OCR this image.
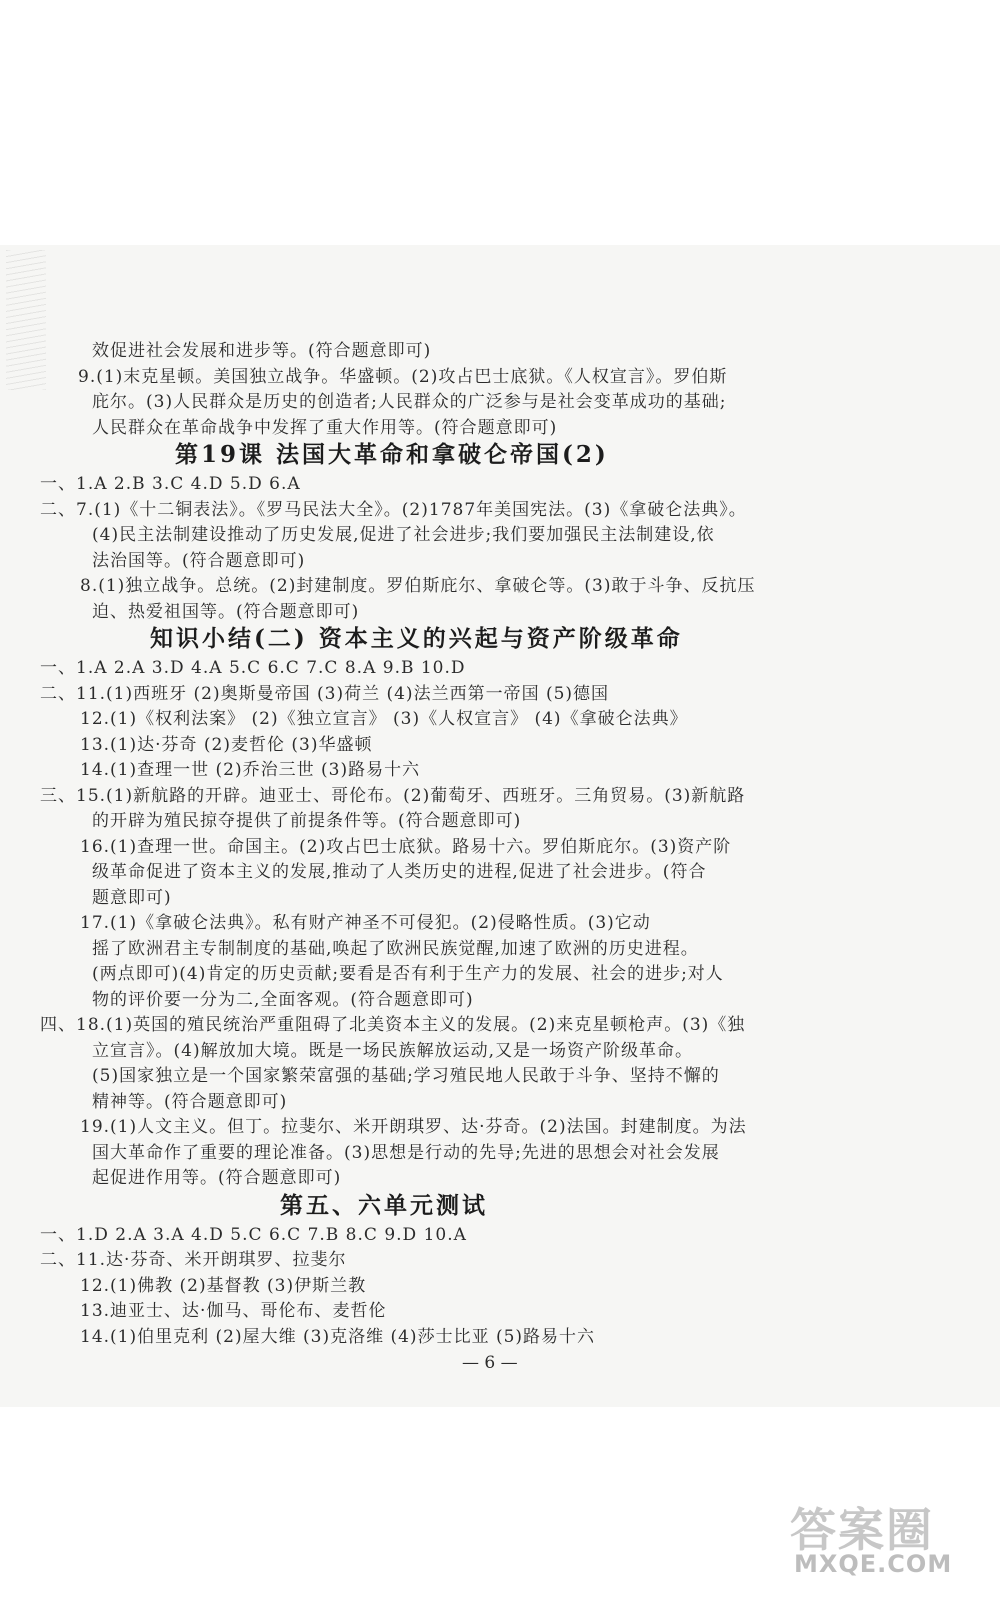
效促进社会发展和进步等。(符合题意即可)
9.(1)末克星顿。美国独立战争。华盛顿。(2)攻占巴士底狱。《人权宣言》。罗伯斯
庇尔。(3)人民群众是历史的创造者;人民群众的广泛参与是社会变革成功的基础;
人民群众在革命战争中发挥了重大作用等。(符合题意即可)
第19课 法国大革命和拿破仑帝国(2)
一、1.A 2.B 3.C 4.D 5.D 6.A
二、7.(1)《十二铜表法》。《罗马民法大全》。(2)1787年美国宪法。(3)《拿破仑法典》。
(4)民主法制建设推动了历史发展,促进了社会进步;我们要加强民主法制建设,依
法治国等。(符合题意即可)
8.(1)独立战争。总统。(2)封建制度。罗伯斯庇尔、拿破仑等。(3)敢于斗争、反抗压
迫、热爱祖国等。(符合题意即可)
知识小结(二) 资本主义的兴起与资产阶级革命
一、1.A 2.A 3.D 4.A 5.C 6.C 7.C 8.A 9.B 10.D
二、11.(1)西班牙 (2)奥斯曼帝国 (3)荷兰 (4)法兰西第一帝国 (5)德国
12.(1)《权利法案》 (2)《独立宣言》 (3)《人权宣言》 (4)《拿破仑法典》
13.(1)达·芬奇 (2)麦哲伦 (3)华盛顿
14.(1)查理一世 (2)乔治三世 (3)路易十六
三、15.(1)新航路的开辟。迪亚士、哥伦布。(2)葡萄牙、西班牙。三角贸易。(3)新航路
的开辟为殖民掠夺提供了前提条件等。(符合题意即可)
16.(1)查理一世。命国主。(2)攻占巴士底狱。路易十六。罗伯斯庇尔。(3)资产阶
级革命促进了资本主义的发展,推动了人类历史的进程,促进了社会进步。(符合
题意即可)
17.(1)《拿破仑法典》。私有财产神圣不可侵犯。(2)侵略性质。(3)它动
摇了欧洲君主专制制度的基础,唤起了欧洲民族觉醒,加速了欧洲的历史进程。
(两点即可)(4)肯定的历史贡献;要看是否有利于生产力的发展、社会的进步;对人
物的评价要一分为二,全面客观。(符合题意即可)
四、18.(1)英国的殖民统治严重阻碍了北美资本主义的发展。(2)来克星顿枪声。(3)《独
立宣言》。(4)解放加大境。既是一场民族解放运动,又是一场资产阶级革命。
(5)国家独立是一个国家繁荣富强的基础;学习殖民地人民敢于斗争、坚持不懈的
精神等。(符合题意即可)
19.(1)人文主义。但丁。拉斐尔、米开朗琪罗、达·芬奇。(2)法国。封建制度。为法
国大革命作了重要的理论准备。(3)思想是行动的先导;先进的思想会对社会发展
起促进作用等。(符合题意即可)
第五、六单元测试
一、1.D 2.A 3.A 4.D 5.C 6.C 7.B 8.C 9.D 10.A
二、11.达·芬奇、米开朗琪罗、拉斐尔
12.(1)佛教 (2)基督教 (3)伊斯兰教
13.迪亚士、达·伽马、哥伦布、麦哲伦
14.(1)伯里克利 (2)屋大维 (3)克洛维 (4)莎士比亚 (5)路易十六
— 6 —
答案圈
MXQE.COM
